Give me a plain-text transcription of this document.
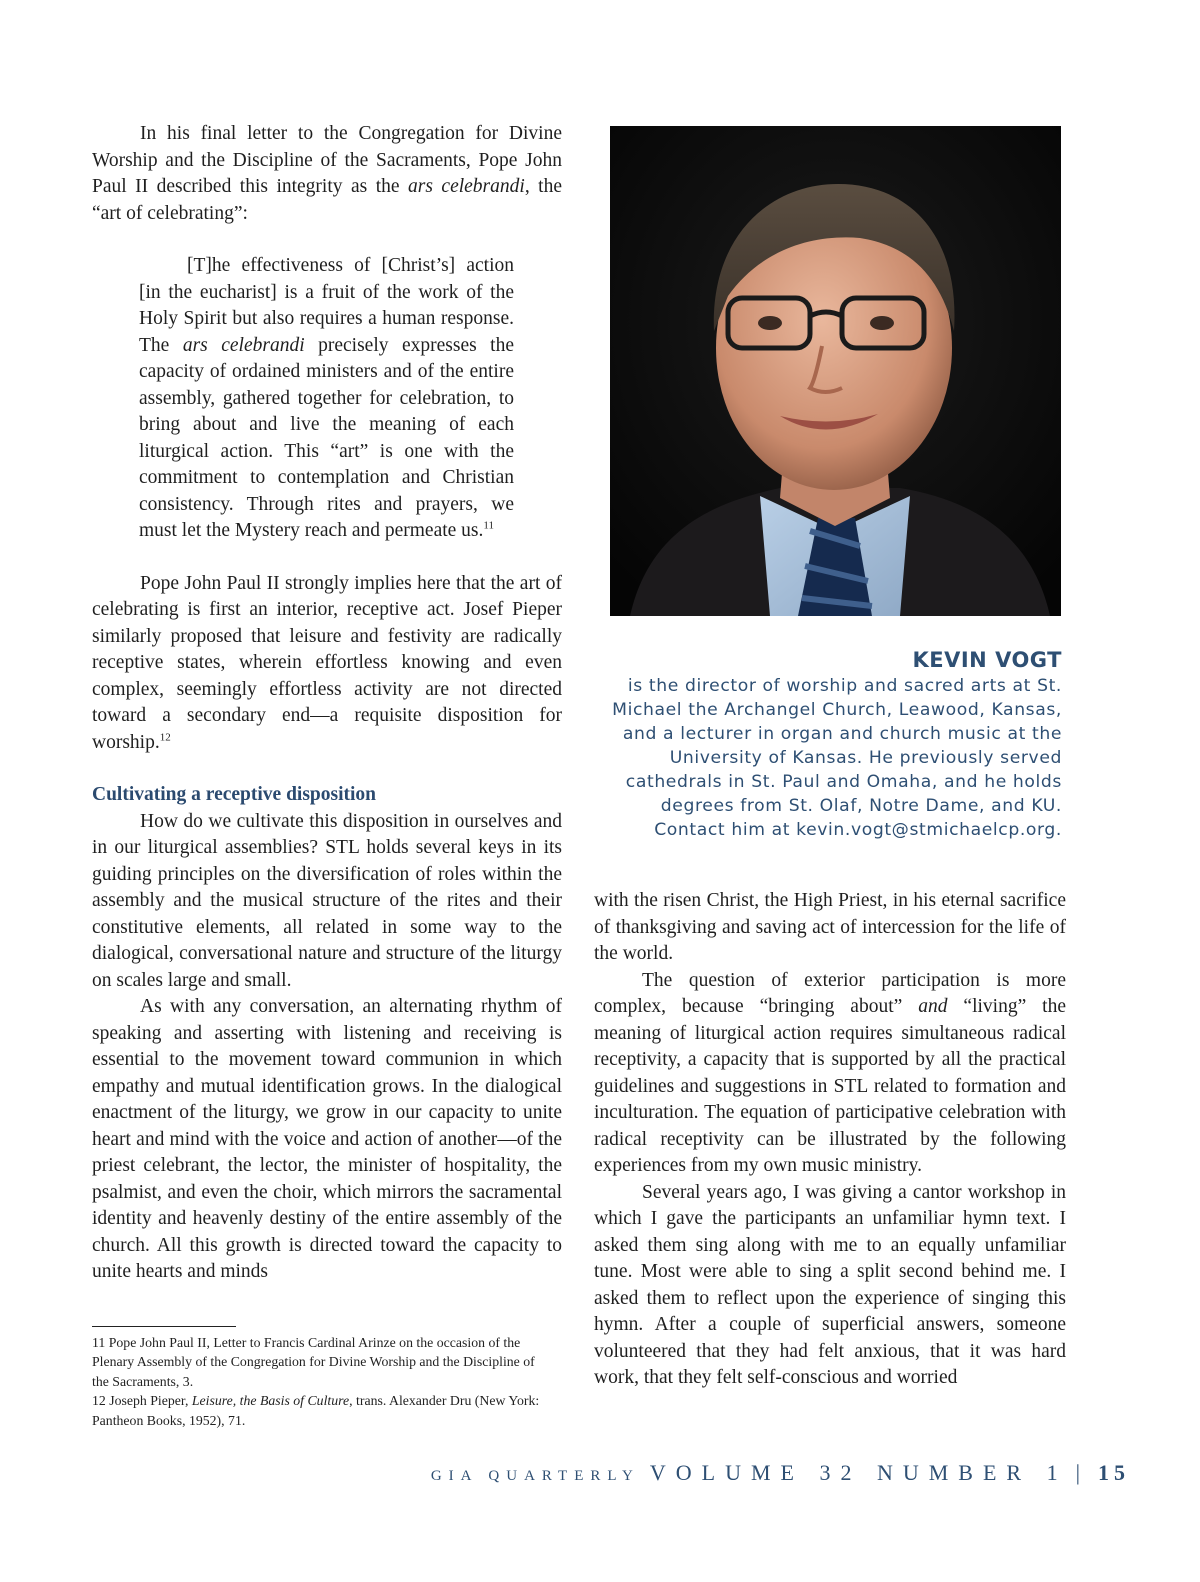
In his final letter to the Congregation for Divine Worship and the Discipline of the Sacraments, Pope John Paul II described this integrity as the ars celebrandi, the “art of celebrating”:

[T]he effectiveness of [Christ’s] action [in the eucharist] is a fruit of the work of the Holy Spirit but also requires a human response. The ars celebrandi precisely expresses the capacity of ordained ministers and of the entire assembly, gathered together for celebration, to bring about and live the meaning of each liturgical action. This “art” is one with the commitment to contemplation and Christian consistency. Through rites and prayers, we must let the Mystery reach and permeate us.$^{11}$

Pope John Paul II strongly implies here that the art of celebrating is first an interior, receptive act. Josef Pieper similarly proposed that leisure and festivity are radically receptive states, wherein effortless knowing and even complex, seemingly effortless activity are not directed toward a secondary end—a requisite disposition for worship.$^{12}$

Cultivating a receptive disposition

How do we cultivate this disposition in ourselves and in our liturgical assemblies? STL holds several keys in its guiding principles on the diversification of roles within the assembly and the musical structure of the rites and their constitutive elements, all related in some way to the dialogical, conversational nature and structure of the liturgy on scales large and small.

As with any conversation, an alternating rhythm of speaking and asserting with listening and receiving is essential to the movement toward communion in which empathy and mutual identification grows. In the dialogical enactment of the liturgy, we grow in our capacity to unite heart and mind with the voice and action of another—of the priest celebrant, the lector, the minister of hospitality, the psalmist, and even the choir, which mirrors the sacramental identity and heavenly destiny of the entire assembly of the church. All this growth is directed toward the capacity to unite hearts and minds

11 Pope John Paul II, Letter to Francis Cardinal Arinze on the occasion of the Plenary Assembly of the Congregation for Divine Worship and the Discipline of the Sacraments, 3.

12 Joseph Pieper, Leisure, the Basis of Culture, trans. Alexander Dru (New York: Pantheon Books, 1952), 71.

KEVIN VOGT
is the director of worship and sacred arts at St. Michael the Archangel Church, Leawood, Kansas, and a lecturer in organ and church music at the University of Kansas. He previously served cathedrals in St. Paul and Omaha, and he holds degrees from St. Olaf, Notre Dame, and KU. Contact him at kevin.vogt@stmichaelcp.org.

with the risen Christ, the High Priest, in his eternal sacrifice of thanksgiving and saving act of intercession for the life of the world.

The question of exterior participation is more complex, because “bringing about” and “living” the meaning of liturgical action requires simultaneous radical receptivity, a capacity that is supported by all the practical guidelines and suggestions in STL related to formation and inculturation. The equation of participative celebration with radical receptivity can be illustrated by the following experiences from my own music ministry.

Several years ago, I was giving a cantor workshop in which I gave the participants an unfamiliar hymn text. I asked them sing along with me to an equally unfamiliar tune. Most were able to sing a split second behind me. I asked them to reflect upon the experience of singing this hymn. After a couple of superficial answers, someone volunteered that they had felt anxious, that it was hard work, that they felt self-conscious and worried

GIA QUARTERLY VOLUME 32 NUMBER 1 | 15
